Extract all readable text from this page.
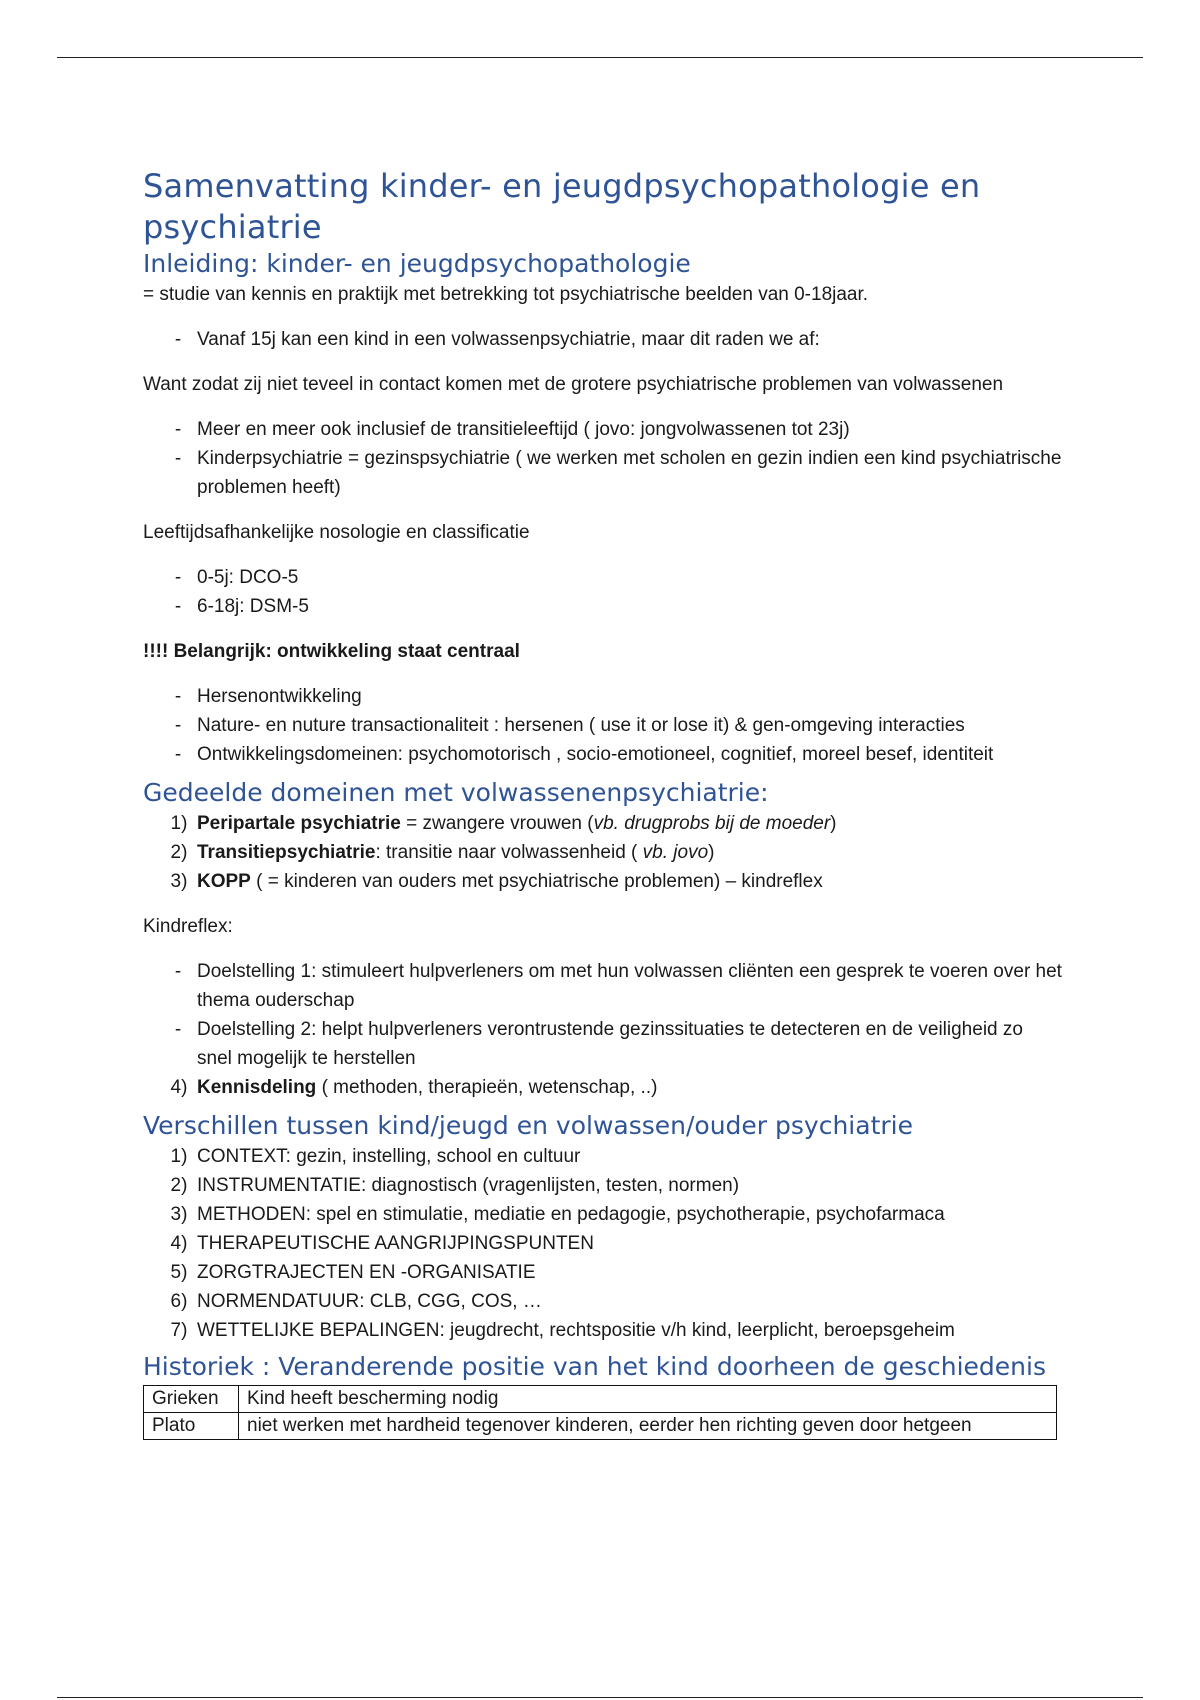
Samenvatting kinder- en jeugdpsychopathologie en psychiatrie
Inleiding: kinder- en jeugdpsychopathologie

= studie van kennis en praktijk met betrekking tot psychiatrische beelden van 0-18jaar.

- Vanaf 15j kan een kind in een volwassenpsychiatrie, maar dit raden we af:

Want zodat zij niet teveel in contact komen met de grotere psychiatrische problemen van volwassenen

- Meer en meer ook inclusief de transitieleeftijd ( jovo: jongvolwassenen tot 23j)
- Kinderpsychiatrie = gezinspsychiatrie ( we werken met scholen en gezin indien een kind psychiatrische problemen heeft)

Leeftijdsafhankelijke nosologie en classificatie

- 0-5j: DCO-5
- 6-18j: DSM-5

!!!! Belangrijk: ontwikkeling staat centraal

- Hersenontwikkeling
- Nature- en nuture transactionaliteit : hersenen ( use it or lose it) & gen-omgeving interacties
- Ontwikkelingsdomeinen: psychomotorisch , socio-emotioneel, cognitief, moreel besef, identiteit
Gedeelde domeinen met volwassenenpsychiatrie:
1) Peripartale psychiatrie = zwangere vrouwen (vb. drugprobs bij de moeder)
2) Transitiepsychiatrie: transitie naar volwassenheid ( vb. jovo)
3) KOPP ( = kinderen van ouders met psychiatrische problemen) – kindreflex

Kindreflex:

- Doelstelling 1: stimuleert hulpverleners om met hun volwassen cliënten een gesprek te voeren over het thema ouderschap
- Doelstelling 2: helpt hulpverleners verontrustende gezinssituaties te detecteren en de veiligheid zo snel mogelijk te herstellen
4) Kennisdeling ( methoden, therapieën, wetenschap, ..)
Verschillen tussen kind/jeugd en volwassen/ouder psychiatrie
1) CONTEXT: gezin, instelling, school en cultuur
2) INSTRUMENTATIE: diagnostisch (vragenlijsten, testen, normen)
3) METHODEN: spel en stimulatie, mediatie en pedagogie, psychotherapie, psychofarmaca
4) THERAPEUTISCHE AANGRIJPINGSPUNTEN
5) ZORGTRAJECTEN EN -ORGANISATIE
6) NORMENDATUUR: CLB, CGG, COS, …
7) WETTELIJKE BEPALINGEN: jeugdrecht, rechtspositie v/h kind, leerplicht, beroepsgeheim
Historiek : Veranderende positie van het kind doorheen de geschiedenis
Grieken	Kind heeft bescherming nodig
Plato	niet werken met hardheid tegenover kinderen, eerder hen richting geven door hetgeen
